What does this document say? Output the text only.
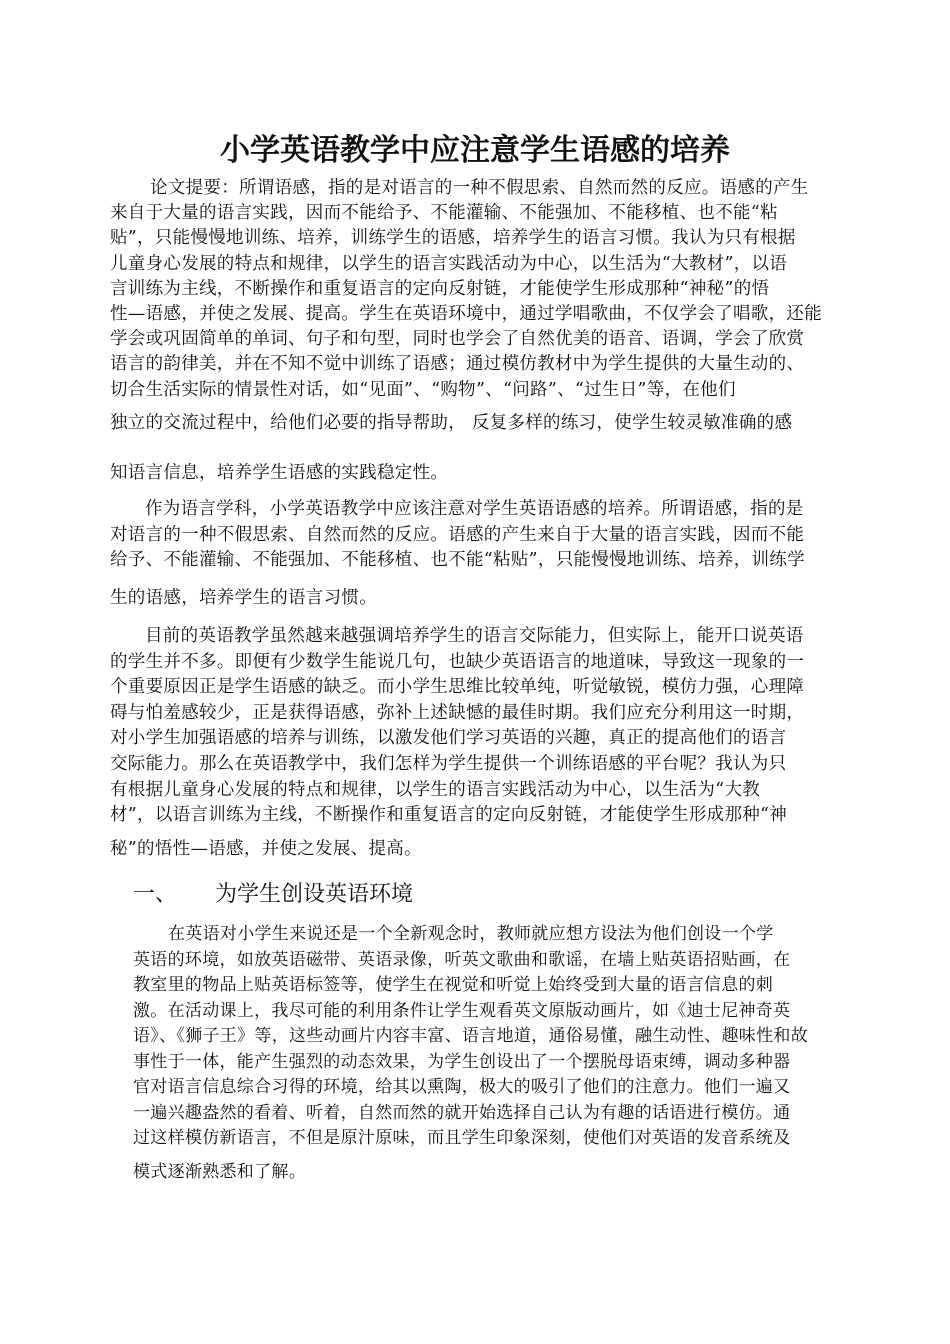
小学英语教学中应注意学生语感的培养
论文提要：所谓语感，指的是对语言的一种不假思索、自然而然的反应。语感的产生
来自于大量的语言实践，因而不能给予、不能灌输、不能强加、不能移植、也不能“粘
贴”，只能慢慢地训练、培养，训练学生的语感，培养学生的语言习惯。我认为只有根据
儿童身心发展的特点和规律，以学生的语言实践活动为中心，以生活为“大教材”，以语
言训练为主线，不断操作和重复语言的定向反射链，才能使学生形成那种“神秘”的悟
性—语感，并使之发展、提高。学生在英语环境中，通过学唱歌曲，不仅学会了唱歌，还能
学会或巩固简单的单词、句子和句型，同时也学会了自然优美的语音、语调，学会了欣赏
语言的韵律美，并在不知不觉中训练了语感；通过模仿教材中为学生提供的大量生动的、
切合生活实际的情景性对话，如“见面”、“购物”、“问路”、“过生日”等，在他们

独立的交流过程中，给他们必要的指导帮助， 反复多样的练习，使学生较灵敏准确的感

知语言信息，培养学生语感的实践稳定性。

作为语言学科，小学英语教学中应该注意对学生英语语感的培养。所谓语感，指的是
对语言的一种不假思索、自然而然的反应。语感的产生来自于大量的语言实践，因而不能
给予、不能灌输、不能强加、不能移植、也不能“粘贴”，只能慢慢地训练、培养，训练学

生的语感，培养学生的语言习惯。

目前的英语教学虽然越来越强调培养学生的语言交际能力，但实际上，能开口说英语
的学生并不多。即便有少数学生能说几句，也缺少英语语言的地道味，导致这一现象的一
个重要原因正是学生语感的缺乏。而小学生思维比较单纯，听觉敏锐，模仿力强，心理障
碍与怕羞感较少，正是获得语感，弥补上述缺憾的最佳时期。我们应充分利用这一时期，
对小学生加强语感的培养与训练，以激发他们学习英语的兴趣，真正的提高他们的语言
交际能力。那么在英语教学中，我们怎样为学生提供一个训练语感的平台呢？我认为只
有根据儿童身心发展的特点和规律，以学生的语言实践活动为中心，以生活为“大教
材”，以语言训练为主线，不断操作和重复语言的定向反射链，才能使学生形成那种“神

秘”的悟性—语感，并使之发展、提高。

一、 为学生创设英语环境
在英语对小学生来说还是一个全新观念时，教师就应想方设法为他们创设一个学
英语的环境，如放英语磁带、英语录像，听英文歌曲和歌谣，在墙上贴英语招贴画，在
教室里的物品上贴英语标签等，使学生在视觉和听觉上始终受到大量的语言信息的刺
激。在活动课上，我尽可能的利用条件让学生观看英文原版动画片，如《迪士尼神奇英
语》、《狮子王》等，这些动画片内容丰富、语言地道，通俗易懂，融生动性、趣味性和故
事性于一体，能产生强烈的动态效果，为学生创设出了一个摆脱母语束缚，调动多种器
官对语言信息综合习得的环境，给其以熏陶，极大的吸引了他们的注意力。他们一遍又
一遍兴趣盎然的看着、听着，自然而然的就开始选择自己认为有趣的话语进行模仿。通
过这样模仿新语言，不但是原汁原味，而且学生印象深刻，使他们对英语的发音系统及

模式逐渐熟悉和了解。
